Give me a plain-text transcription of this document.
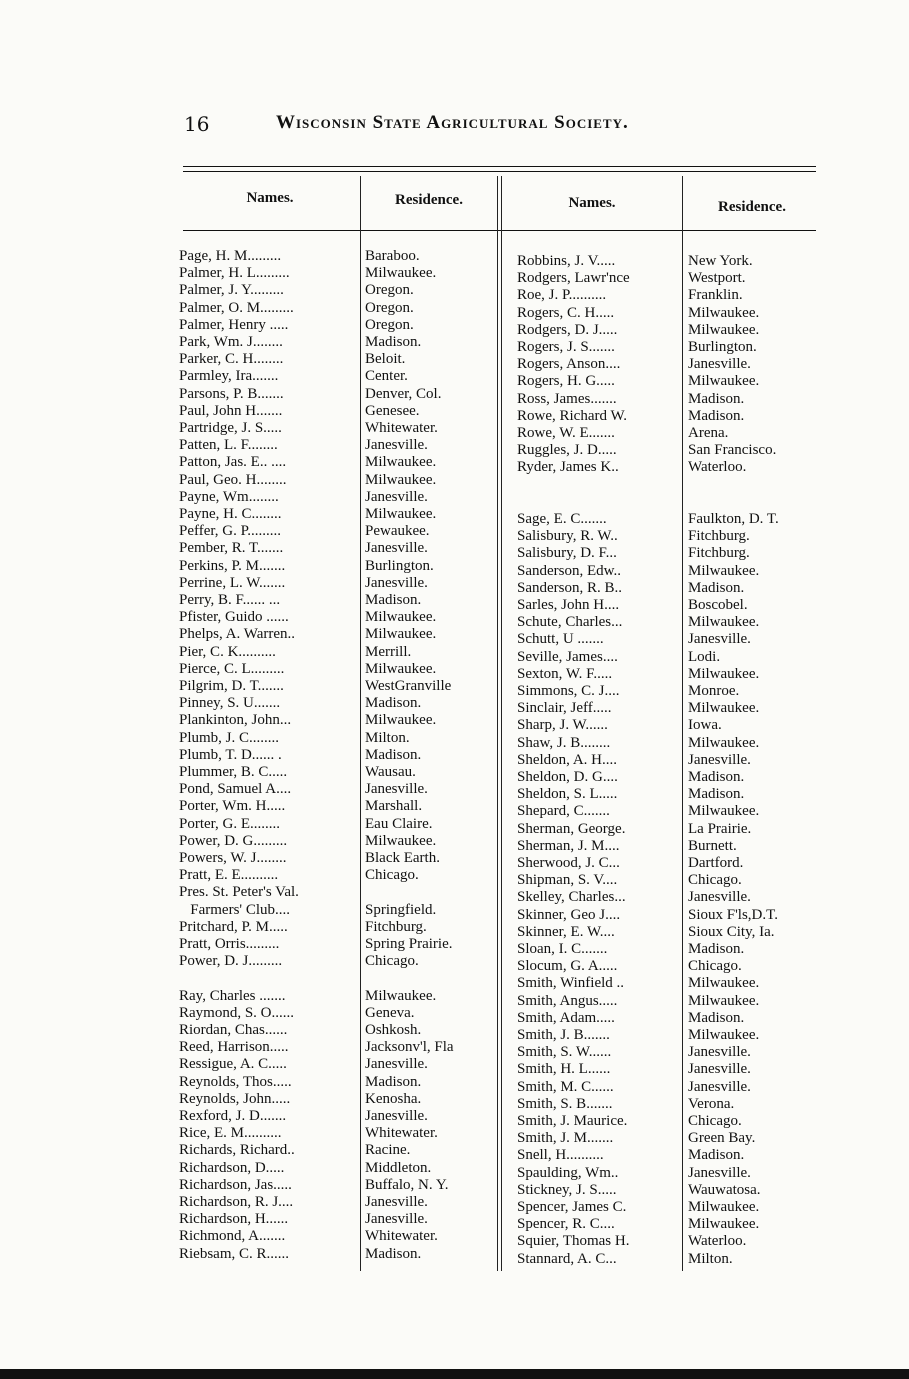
16	Wisconsin State Agricultural Society.
Names.	Residence.	Names.	Residence.
Page, H. M.........	Baraboo.
Palmer, H. L.........	Milwaukee.
Palmer, J. Y.........	Oregon.
Palmer, O. M.........	Oregon.
Palmer, Henry .....	Oregon.
Park, Wm. J........	Madison.
Parker, C. H........	Beloit.
Parmley, Ira.......	Center.
Parsons, P. B.......	Denver, Col.
Paul, John H.......	Genesee.
Partridge, J. S.....	Whitewater.
Patten, L. F........	Janesville.
Patton, Jas. E.. ....	Milwaukee.
Paul, Geo. H........	Milwaukee.
Payne, Wm........	Janesville.
Payne, H. C........	Milwaukee.
Peffer, G. P.........	Pewaukee.
Pember, R. T.......	Janesville.
Perkins, P. M.......	Burlington.
Perrine, L. W.......	Janesville.
Perry, B. F...... ...	Madison.
Pfister, Guido ......	Milwaukee.
Phelps, A. Warren..	Milwaukee.
Pier, C. K..........	Merrill.
Pierce, C. L.........	Milwaukee.
Pilgrim, D. T.......	WestGranville
Pinney, S. U.......	Madison.
Plankinton, John...	Milwaukee.
Plumb, J. C........	Milton.
Plumb, T. D...... .	Madison.
Plummer, B. C.....	Wausau.
Pond, Samuel A....	Janesville.
Porter, Wm. H.....	Marshall.
Porter, G. E........	Eau Claire.
Power, D. G.........	Milwaukee.
Powers, W. J........	Black Earth.
Pratt, E. E..........	Chicago.
Pres. St. Peter's Val.
Farmers' Club....	Springfield.
Pritchard, P. M.....	Fitchburg.
Pratt, Orris.........	Spring Prairie.
Power, D. J.........	Chicago.
Ray, Charles .......	Milwaukee.
Raymond, S. O......	Geneva.
Riordan, Chas......	Oshkosh.
Reed, Harrison.....	Jacksonv'l, Fla
Ressigue, A. C.....	Janesville.
Reynolds, Thos.....	Madison.
Reynolds, John.....	Kenosha.
Rexford, J. D.......	Janesville.
Rice, E. M..........	Whitewater.
Richards, Richard..	Racine.
Richardson, D.....	Middleton.
Richardson, Jas.....	Buffalo, N. Y.
Richardson, R. J....	Janesville.
Richardson, H......	Janesville.
Richmond, A.......	Whitewater.
Riebsam, C. R......	Madison.
Robbins, J. V.....	New York.
Rodgers, Lawr'nce	Westport.
Roe, J. P..........	Franklin.
Rogers, C. H.....	Milwaukee.
Rodgers, D. J.....	Milwaukee.
Rogers, J. S.......	Burlington.
Rogers, Anson....	Janesville.
Rogers, H. G.....	Milwaukee.
Ross, James.......	Madison.
Rowe, Richard W.	Madison.
Rowe, W. E.......	Arena.
Ruggles, J. D.....	San Francisco.
Ryder, James K..	Waterloo.
Sage, E. C.......	Faulkton, D. T.
Salisbury, R. W..	Fitchburg.
Salisbury, D. F...	Fitchburg.
Sanderson, Edw..	Milwaukee.
Sanderson, R. B..	Madison.
Sarles, John H....	Boscobel.
Schute, Charles...	Milwaukee.
Schutt, U .......	Janesville.
Seville, James....	Lodi.
Sexton, W. F.....	Milwaukee.
Simmons, C. J....	Monroe.
Sinclair, Jeff.....	Milwaukee.
Sharp, J. W......	Iowa.
Shaw, J. B........	Milwaukee.
Sheldon, A. H....	Janesville.
Sheldon, D. G....	Madison.
Sheldon, S. L.....	Madison.
Shepard, C.......	Milwaukee.
Sherman, George.	La Prairie.
Sherman, J. M....	Burnett.
Sherwood, J. C...	Dartford.
Shipman, S. V....	Chicago.
Skelley, Charles...	Janesville.
Skinner, Geo J....	Sioux F'ls,D.T.
Skinner, E. W....	Sioux City, Ia.
Sloan, I. C.......	Madison.
Slocum, G. A.....	Chicago.
Smith, Winfield ..	Milwaukee.
Smith, Angus.....	Milwaukee.
Smith, Adam.....	Madison.
Smith, J. B.......	Milwaukee.
Smith, S. W......	Janesville.
Smith, H. L......	Janesville.
Smith, M. C......	Janesville.
Smith, S. B.......	Verona.
Smith, J. Maurice.	Chicago.
Smith, J. M.......	Green Bay.
Snell, H..........	Madison.
Spaulding, Wm..	Janesville.
Stickney, J. S.....	Wauwatosa.
Spencer, James C.	Milwaukee.
Spencer, R. C....	Milwaukee.
Squier, Thomas H.	Waterloo.
Stannard, A. C...	Milton.
